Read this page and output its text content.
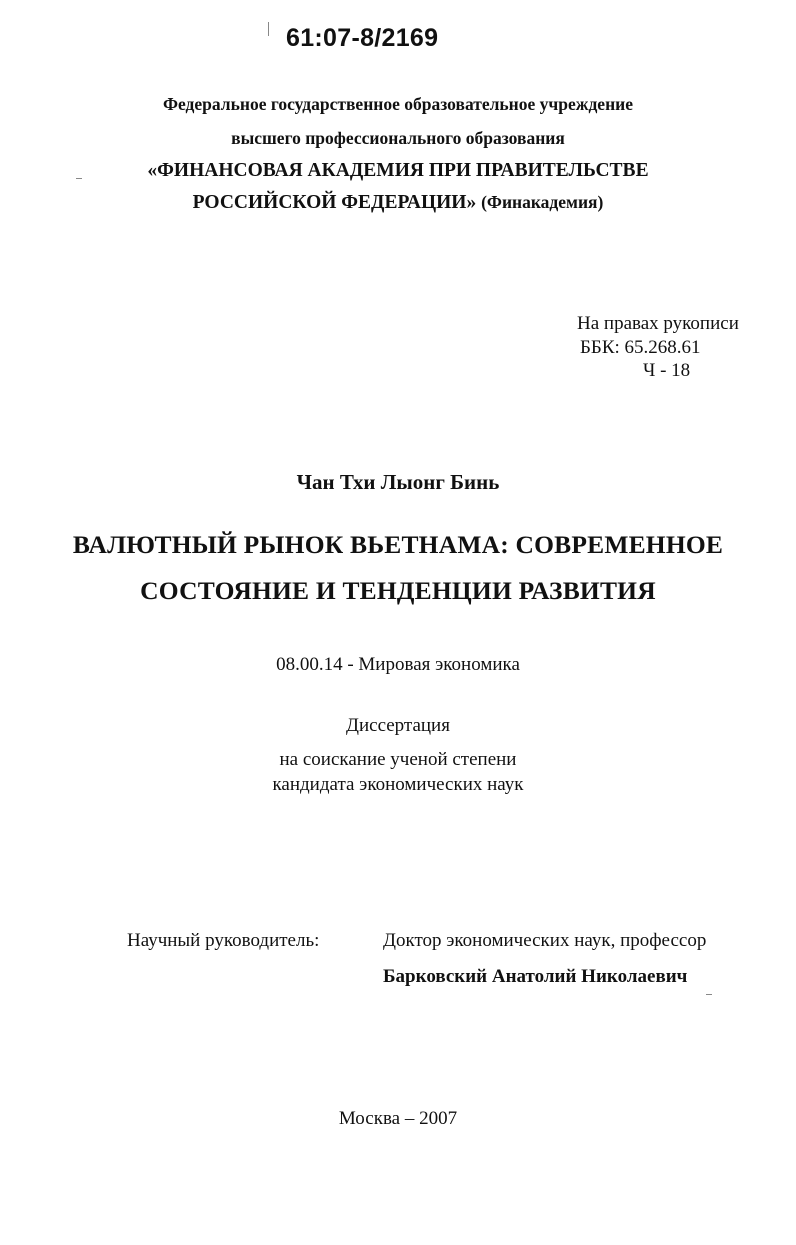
61:07-8/2169
Федеральное государственное образовательное учреждение
высшего профессионального образования
«ФИНАНСОВАЯ АКАДЕМИЯ ПРИ ПРАВИТЕЛЬСТВЕ
РОССИЙСКОЙ ФЕДЕРАЦИИ» (Финакадемия)
На правах рукописи
ББК: 65.268.61
Ч - 18
Чан Тхи Лыонг Бинь
ВАЛЮТНЫЙ РЫНОК ВЬЕТНАМА: СОВРЕМЕННОЕ
СОСТОЯНИЕ И ТЕНДЕНЦИИ РАЗВИТИЯ
08.00.14 - Мировая экономика
Диссертация
на соискание ученой степени
кандидата экономических наук
Научный руководитель:	Доктор экономических наук, профессор
Барковский Анатолий Николаевич
Москва – 2007
